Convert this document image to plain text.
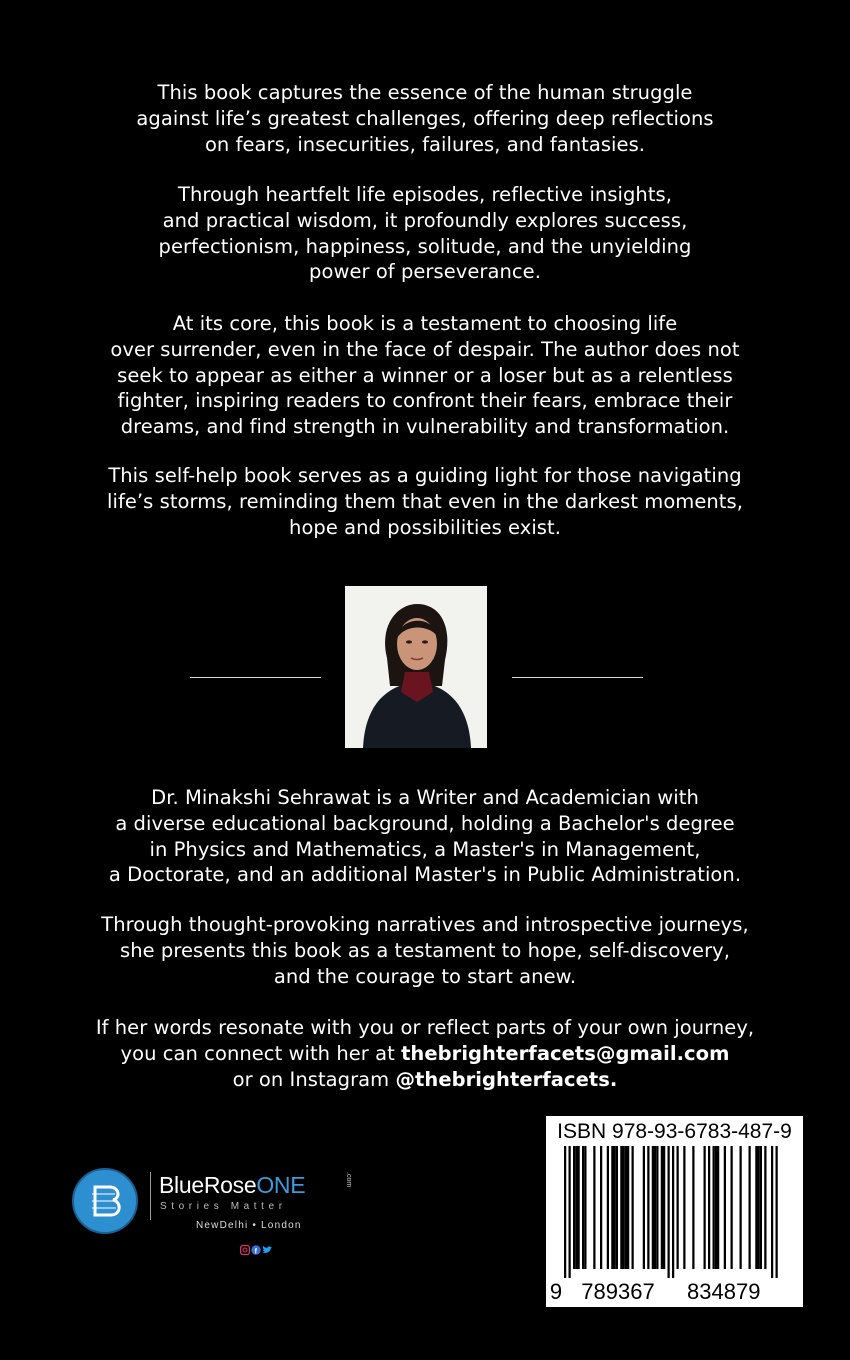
This book captures the essence of the human struggle
against life’s greatest challenges, offering deep reflections
on fears, insecurities, failures, and fantasies.
Through heartfelt life episodes, reflective insights,
and practical wisdom, it profoundly explores success,
perfectionism, happiness, solitude, and the unyielding
power of perseverance.
At its core, this book is a testament to choosing life
over surrender, even in the face of despair. The author does not
seek to appear as either a winner or a loser but as a relentless
fighter, inspiring readers to confront their fears, embrace their
dreams, and find strength in vulnerability and transformation.
This self-help book serves as a guiding light for those navigating
life’s storms, reminding them that even in the darkest moments,
hope and possibilities exist.
Dr. Minakshi Sehrawat is a Writer and Academician with
a diverse educational background, holding a Bachelor's degree
in Physics and Mathematics, a Master's in Management,
a Doctorate, and an additional Master's in Public Administration.
Through thought-provoking narratives and introspective journeys,
she presents this book as a testament to hope, self-discovery,
and the courage to start anew.
If her words resonate with you or reflect parts of your own journey,
you can connect with her at thebrighterfacets@gmail.com
or on Instagram @thebrighterfacets.
BlueRoseONE	.com
Stories Matter
NewDelhi • London
f
ISBN 978-93-6783-487-9
9 789367 834879
